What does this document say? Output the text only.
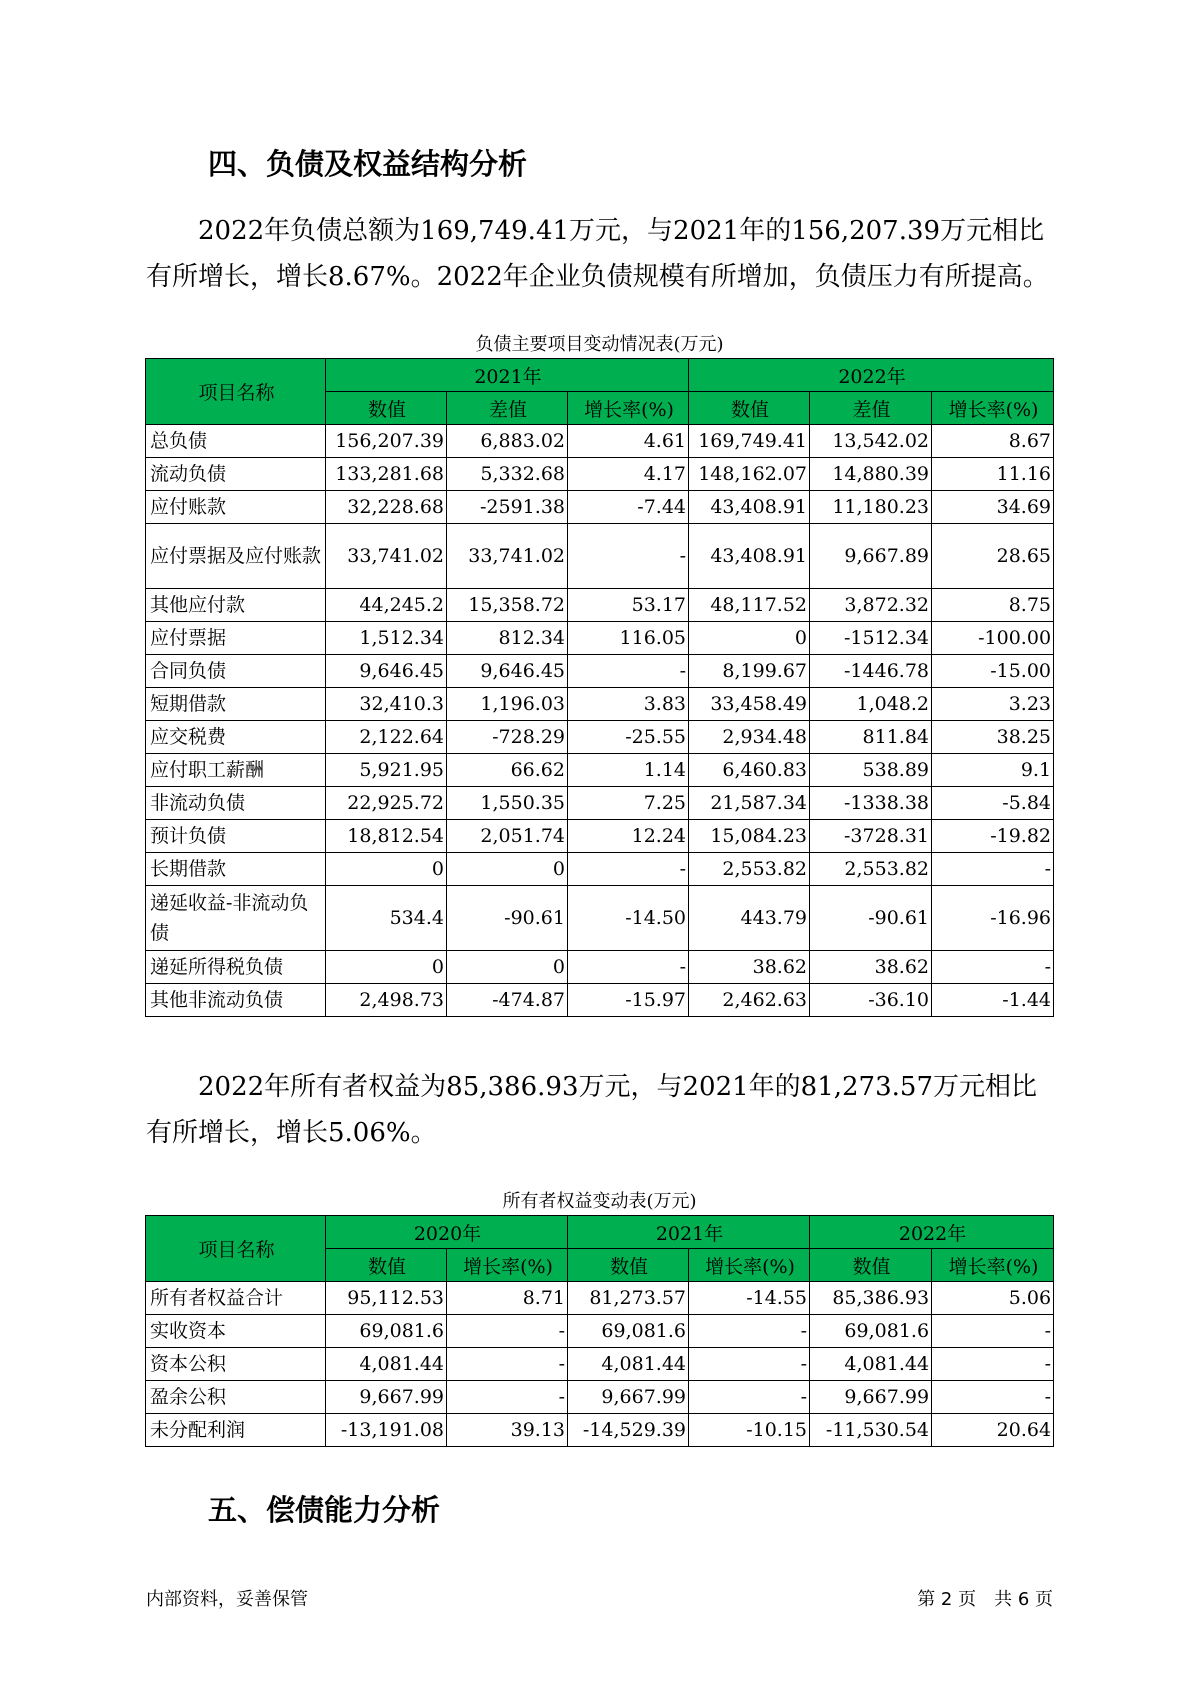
四、负债及权益结构分析

2022年负债总额为169,749.41万元，与2021年的156,207.39万元相比
有所增长，增长8.67%。2022年企业负债规模有所增加，负债压力有所提高。

负债主要项目变动情况表(万元)

项目名称	2021年			2022年		
	数值	差值	增长率(%)	数值	差值	增长率(%)
总负债	156,207.39	6,883.02	4.61	169,749.41	13,542.02	8.67
流动负债	133,281.68	5,332.68	4.17	148,162.07	14,880.39	11.16
应付账款	32,228.68	-2591.38	-7.44	43,408.91	11,180.23	34.69
应付票据及应付账款	33,741.02	33,741.02	-	43,408.91	9,667.89	28.65
其他应付款	44,245.2	15,358.72	53.17	48,117.52	3,872.32	8.75
应付票据	1,512.34	812.34	116.05	0	-1512.34	-100.00
合同负债	9,646.45	9,646.45	-	8,199.67	-1446.78	-15.00
短期借款	32,410.3	1,196.03	3.83	33,458.49	1,048.2	3.23
应交税费	2,122.64	-728.29	-25.55	2,934.48	811.84	38.25
应付职工薪酬	5,921.95	66.62	1.14	6,460.83	538.89	9.1
非流动负债	22,925.72	1,550.35	7.25	21,587.34	-1338.38	-5.84
预计负债	18,812.54	2,051.74	12.24	15,084.23	-3728.31	-19.82
长期借款	0	0	-	2,553.82	2,553.82	-
递延收益-非流动负债	534.4	-90.61	-14.50	443.79	-90.61	-16.96
递延所得税负债	0	0	-	38.62	38.62	-
其他非流动负债	2,498.73	-474.87	-15.97	2,462.63	-36.10	-1.44

2022年所有者权益为85,386.93万元，与2021年的81,273.57万元相比
有所增长，增长5.06%。

所有者权益变动表(万元)

项目名称	2020年		2021年		2022年	
	数值	增长率(%)	数值	增长率(%)	数值	增长率(%)
所有者权益合计	95,112.53	8.71	81,273.57	-14.55	85,386.93	5.06
实收资本	69,081.6	-	69,081.6	-	69,081.6	-
资本公积	4,081.44	-	4,081.44	-	4,081.44	-
盈余公积	9,667.99	-	9,667.99	-	9,667.99	-
未分配利润	-13,191.08	39.13	-14,529.39	-10.15	-11,530.54	20.64
五、偿债能力分析

内部资料，妥善保管	第 2 页　共 6 页
